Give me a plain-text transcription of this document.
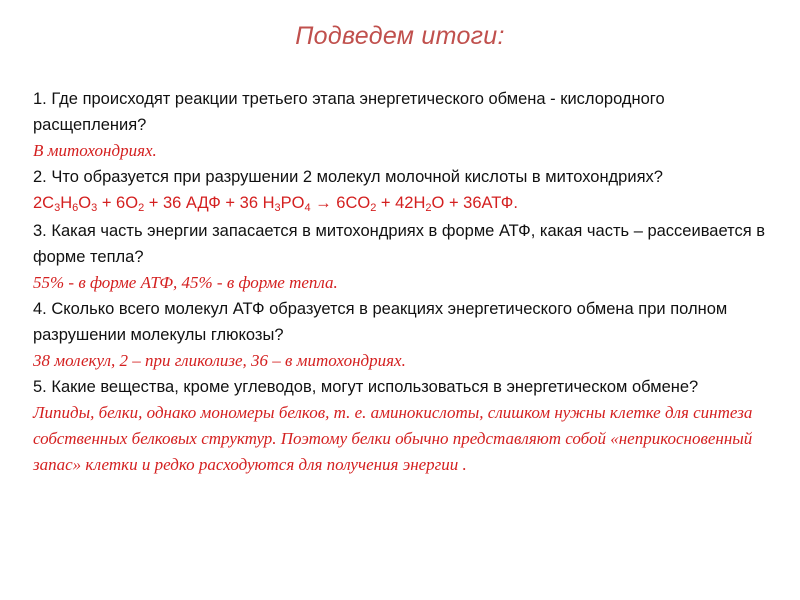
Подведем итоги:
1. Где происходят реакции третьего этапа энергетического обмена - кислородного расщепления?
В митохондриях.
2. Что образуется при разрушении 2 молекул молочной кислоты в митохондриях?
$2C_3H_6O_3 + 6O_2 + 36$ АДФ + 36 $H_3PO_4 \to 6CO_2 + 42H_2O + 36АТФ$.
3. Какая часть энергии запасается в митохондриях в форме АТФ, какая часть – рассеивается в форме тепла?
55% - в форме АТФ, 45% - в форме тепла.
4. Сколько всего молекул АТФ образуется в реакциях энергетического обмена при полном разрушении молекулы глюкозы?
38 молекул, 2 – при гликолизе, 36 – в митохондриях.
5. Какие вещества, кроме углеводов, могут использоваться в энергетическом обмене?
Липиды, белки, однако мономеры белков, т. е. аминокислоты, слишком нужны клетке для синтеза собственных белковых структур. Поэтому белки обычно представляют собой «неприкосновенный запас» клетки и редко расходуются для получения энергии .
